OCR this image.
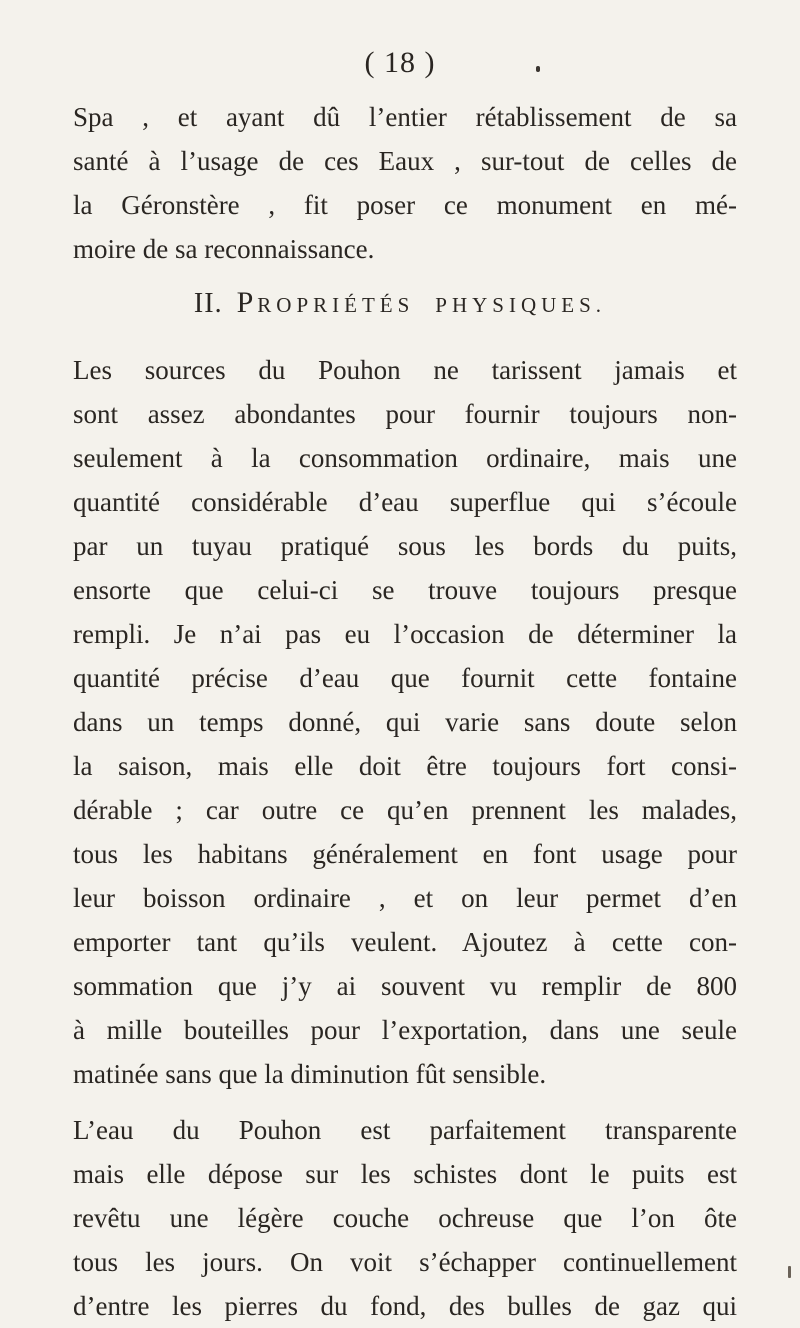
( 18 )
Spa , et ayant dû l’entier rétablissement de sa
santé à l’usage de ces Eaux , sur-tout de celles de
la Géronstère , fit poser ce monument en mé-
moire de sa reconnaissance.
II. PROPRIÉTÉS PHYSIQUES.
Les sources du Pouhon ne tarissent jamais et
sont assez abondantes pour fournir toujours non-
seulement à la consommation ordinaire, mais une
quantité considérable d’eau superflue qui s’écoule
par un tuyau pratiqué sous les bords du puits,
ensorte que celui-ci se trouve toujours presque
rempli. Je n’ai pas eu l’occasion de déterminer la
quantité précise d’eau que fournit cette fontaine
dans un temps donné, qui varie sans doute selon
la saison, mais elle doit être toujours fort consi-
dérable ; car outre ce qu’en prennent les malades,
tous les habitans généralement en font usage pour
leur boisson ordinaire , et on leur permet d’en
emporter tant qu’ils veulent. Ajoutez à cette con-
sommation que j’y ai souvent vu remplir de 800
à mille bouteilles pour l’exportation, dans une seule
matinée sans que la diminution fût sensible.
L’eau du Pouhon est parfaitement transparente
mais elle dépose sur les schistes dont le puits est
revêtu une légère couche ochreuse que l’on ôte
tous les jours. On voit s’échapper continuellement
d’entre les pierres du fond, des bulles de gaz qui
